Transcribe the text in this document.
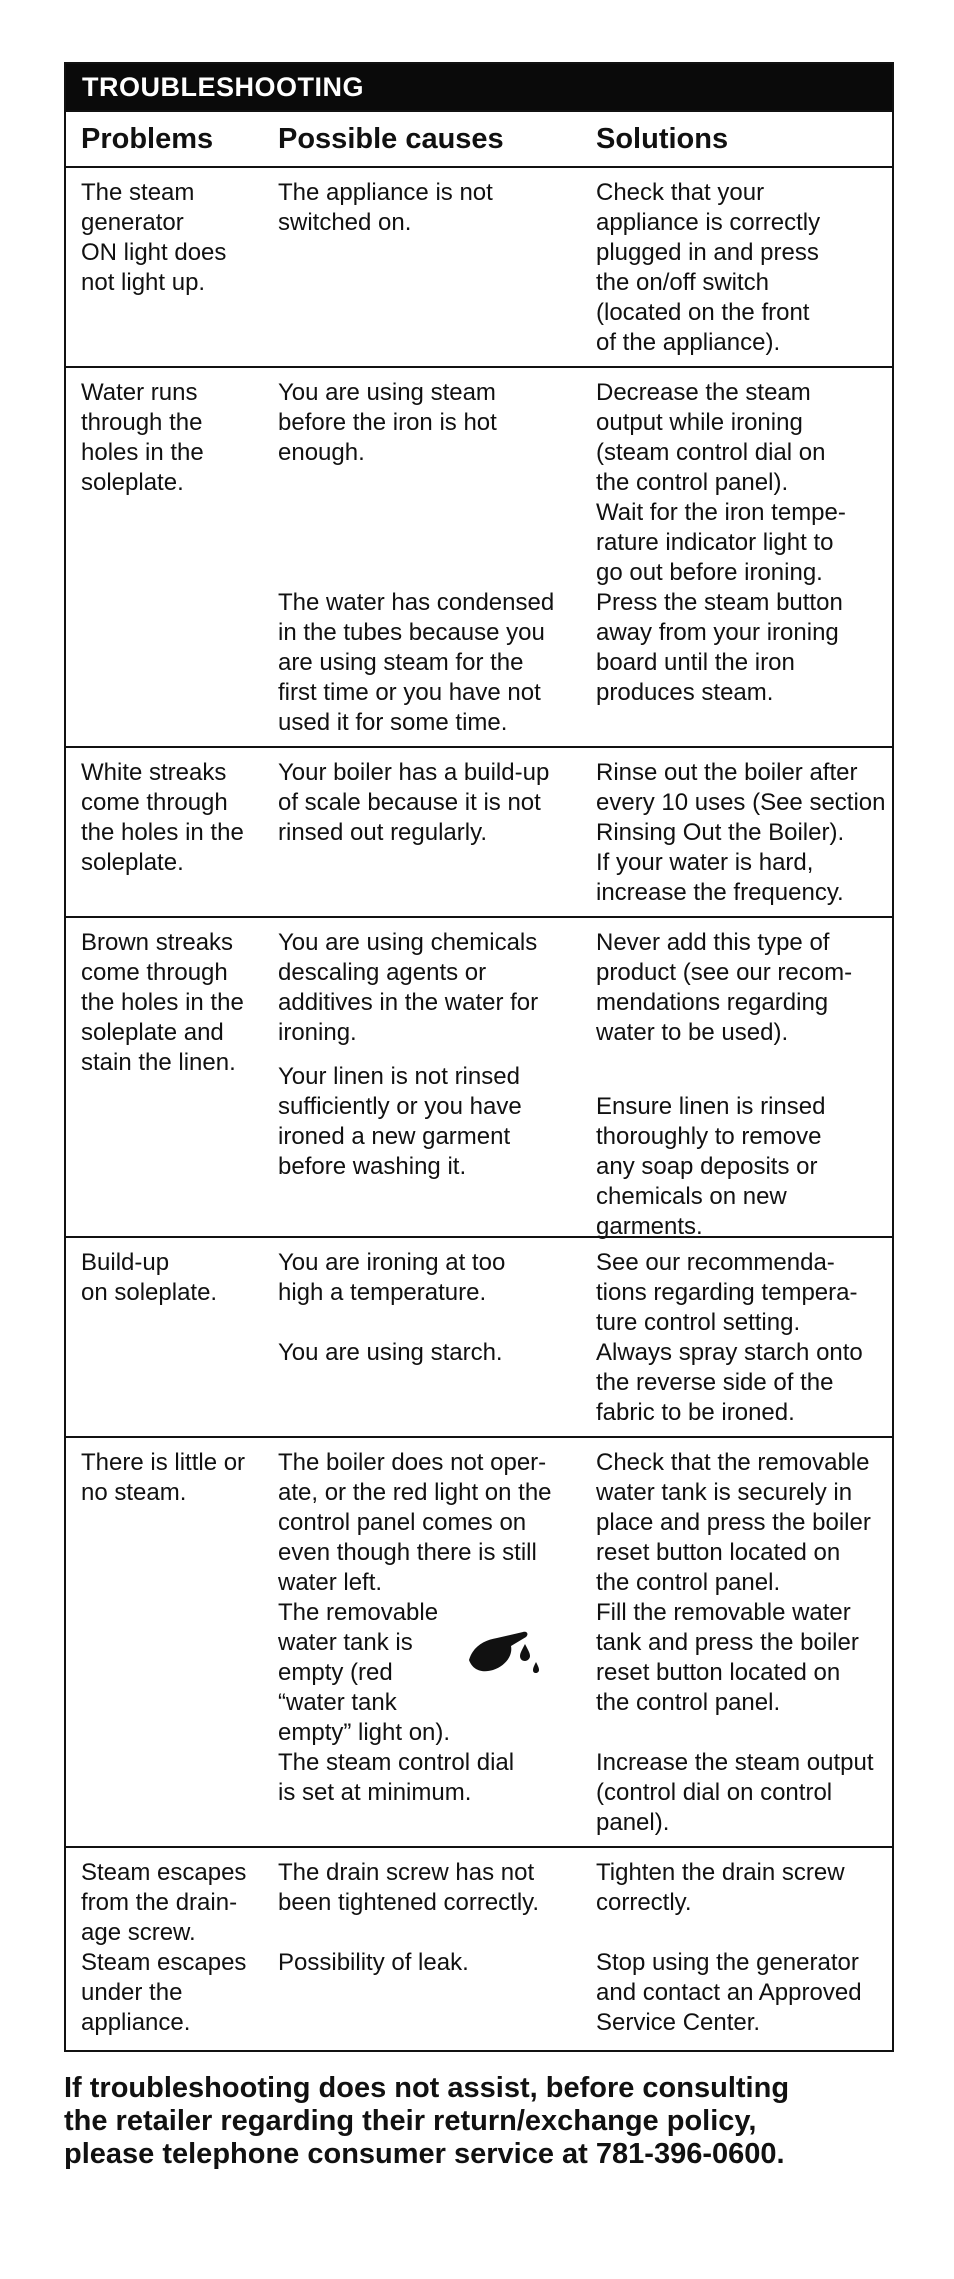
TROUBLESHOOTING
Problems	Possible causes	Solutions
The steam
generator
ON light does
not light up.
The appliance is not
switched on.
Check that your
appliance is correctly
plugged in and press
the on/off switch
(located on the front
of the appliance).
Water runs
through the
holes in the
soleplate.
You are using steam
before the iron is hot
enough.
The water has condensed
in the tubes because you
are using steam for the
first time or you have not
used it for some time.
Decrease the steam
output while ironing
(steam control dial on
the control panel).
Wait for the iron tempe-
rature indicator light to
go out before ironing.
Press the steam button
away from your ironing
board until the iron
produces steam.
White streaks
come through
the holes in the
soleplate.
Your boiler has a build-up
of scale because it is not
rinsed out regularly.
Rinse out the boiler after
every 10 uses (See section
Rinsing Out the Boiler).
If your water is hard,
increase the frequency.
Brown streaks
come through
the holes in the
soleplate and
stain the linen.
You are using chemicals
descaling agents or
additives in the water for
ironing.
Your linen is not rinsed
sufficiently or you have
ironed a new garment
before washing it.
Never add this type of
product (see our recom-
mendations regarding
water to be used).
Ensure linen is rinsed
thoroughly to remove
any soap deposits or
chemicals on new
garments.
Build-up
on soleplate.
You are ironing at too
high a temperature.
You are using starch.
See our recommenda-
tions regarding tempera-
ture control setting.
Always spray starch onto
the reverse side of the
fabric to be ironed.
There is little or
no steam.
The boiler does not oper-
ate, or the red light on the
control panel comes on
even though there is still
water left.
The removable
water tank is
empty (red
“water tank
empty” light on).
The steam control dial
is set at minimum.
Check that the removable
water tank is securely in
place and press the boiler
reset button located on
the control panel.
Fill the removable water
tank and press the boiler
reset button located on
the control panel.
Increase the steam output
(control dial on control
panel).
Steam escapes
from the drain-
age screw.
Steam escapes
under the
appliance.
The drain screw has not
been tightened correctly.
Possibility of leak.
Tighten the drain screw
correctly.
Stop using the generator
and contact an Approved
Service Center.
If troubleshooting does not assist, before consulting
the retailer regarding their return/exchange policy,
please telephone consumer service at 781-396-0600.
